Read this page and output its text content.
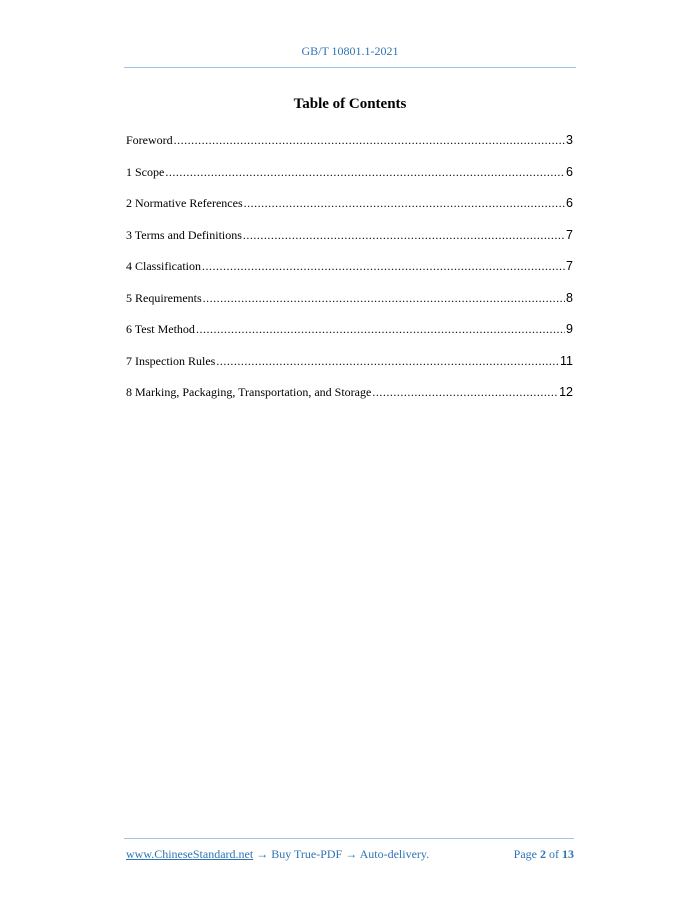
GB/T 10801.1-2021
Table of Contents
Foreword .....	3
1 Scope .....	6
2 Normative References .....	6
3 Terms and Definitions .....	7
4 Classification .....	7
5 Requirements .....	8
6 Test Method .....	9
7 Inspection Rules .....	11
8 Marking, Packaging, Transportation, and Storage .....	12
www.ChineseStandard.net → Buy True-PDF → Auto-delivery.	Page 2 of 13
